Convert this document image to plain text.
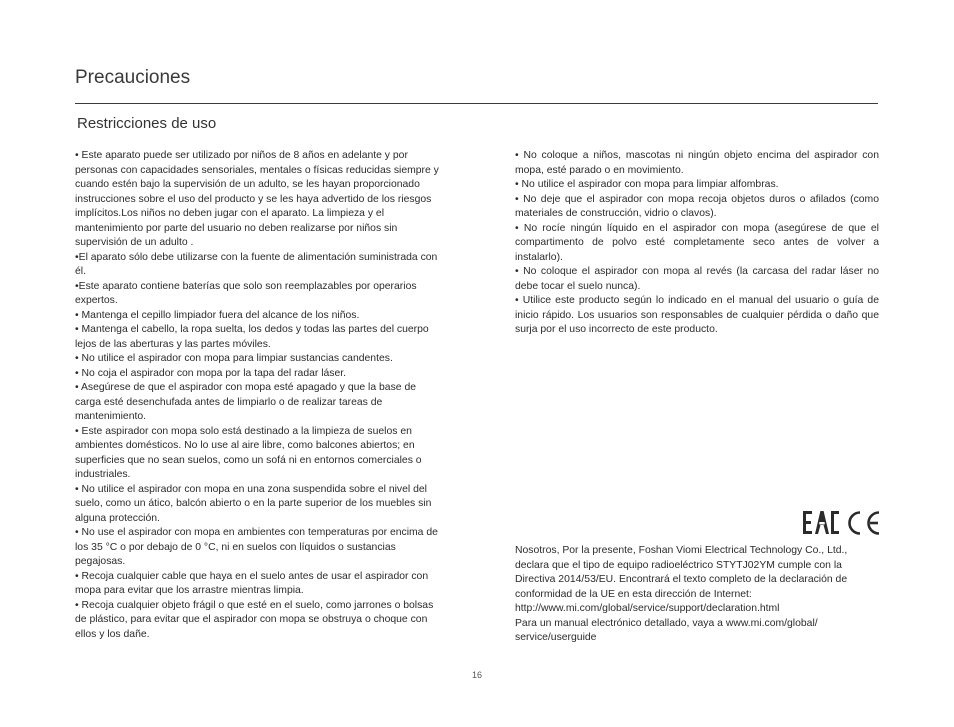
Precauciones
Restricciones de uso

• Este aparato puede ser utilizado por niños de 8 años en adelante y por personas con capacidades sensoriales, mentales o físicas reducidas siempre y cuando estén bajo la supervisión de un adulto, se les hayan proporcionado instrucciones sobre el uso del producto y se les haya advertido de los riesgos implícitos.Los niños no deben jugar con el aparato. La limpieza y el mantenimiento por parte del usuario no deben realizarse por niños sin supervisión de un adulto .

•El aparato sólo debe utilizarse con la fuente de alimentación suministrada con él.

•Este aparato contiene baterías que solo son reemplazables por operarios expertos.

• Mantenga el cepillo limpiador fuera del alcance de los niños.

• Mantenga el cabello, la ropa suelta, los dedos y todas las partes del cuerpo lejos de las aberturas y las partes móviles.

• No utilice el aspirador con mopa para limpiar sustancias candentes.

• No coja el aspirador con mopa por la tapa del radar láser.

• Asegúrese de que el aspirador con mopa esté apagado y que la base de carga esté desenchufada antes de limpiarlo o de realizar tareas de mantenimiento.

• Este aspirador con mopa solo está destinado a la limpieza de suelos en ambientes domésticos. No lo use al aire libre, como balcones abiertos; en superficies que no sean suelos, como un sofá ni en entornos comerciales o industriales.

• No utilice el aspirador con mopa en una zona suspendida sobre el nivel del suelo, como un ático, balcón abierto o en la parte superior de los muebles sin alguna protección.

• No use el aspirador con mopa en ambientes con temperaturas por encima de los 35 °C o por debajo de 0 °C, ni en suelos con líquidos o sustancias pegajosas.

• Recoja cualquier cable que haya en el suelo antes de usar el aspirador con mopa para evitar que los arrastre mientras limpia.

• Recoja cualquier objeto frágil o que esté en el suelo, como jarrones o bolsas de plástico, para evitar que el aspirador con mopa se obstruya o choque con ellos y los dañe.

• No coloque a niños, mascotas ni ningún objeto encima del aspirador con mopa, esté parado o en movimiento.

• No utilice el aspirador con mopa para limpiar alfombras.

• No deje que el aspirador con mopa recoja objetos duros o afilados (como materiales de construcción, vidrio o clavos).

• No rocíe ningún líquido en el aspirador con mopa (asegúrese de que el compartimento de polvo esté completamente seco antes de volver a instalarlo).

• No coloque el aspirador con mopa al revés (la carcasa del radar láser no debe tocar el suelo nunca).

• Utilice este producto según lo indicado en el manual del usuario o guía de inicio rápido. Los usuarios son responsables de cualquier pérdida o daño que surja por el uso incorrecto de este producto.

Nosotros, Por la presente, Foshan Viomi Electrical Technology Co., Ltd., declara que el tipo de equipo radioeléctrico STYTJ02YM cumple con la Directiva 2014/53/EU. Encontrará el texto completo de la declaración de conformidad de la UE en esta dirección de Internet: http://www.mi.com/global/service/support/declaration.html

Para un manual electrónico detallado, vaya a www.mi.com/global/ service/userguide

16
